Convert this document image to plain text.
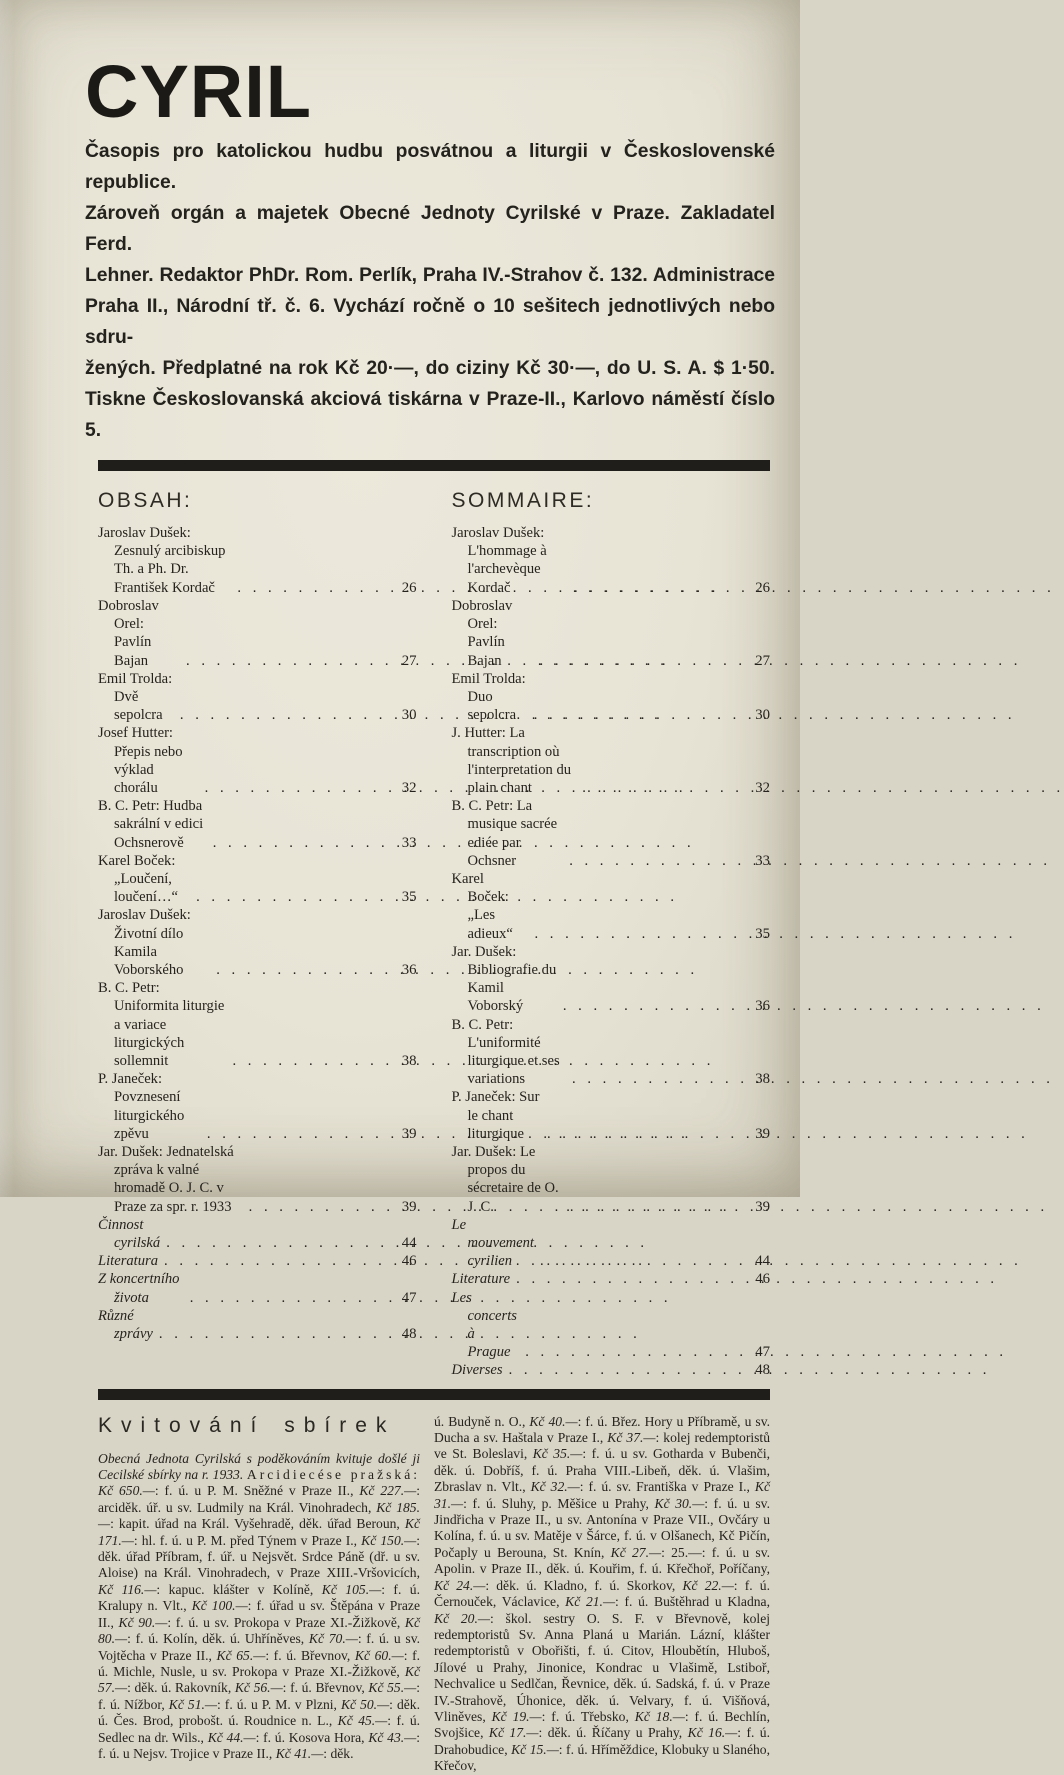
CYRIL
Časopis pro katolickou hudbu posvátnou a liturgii v Československé republice.
Zároveň orgán a majetek Obecné Jednoty Cyrilské v Praze. Zakladatel Ferd.
Lehner. Redaktor PhDr. Rom. Perlík, Praha IV.-Strahov č. 132. Administrace
Praha II., Národní tř. č. 6. Vychází ročně o 10 sešitech jednotlivých nebo sdru-
žených. Předplatné na rok Kč 20·—, do ciziny Kč 30·—, do U. S. A. $ 1·50.
Tiskne Českoslovanská akciová tiskárna v Praze-II., Karlovo náměstí číslo 5.
OBSAH:
Jaroslav Dušek: Zesnulý arcibiskup Th. a Ph. Dr. František Kordač . . .	26
Dobroslav Orel: Pavlín Bajan . . .	27
Emil Trolda: Dvě sepolcra . . .	30
Josef Hutter: Přepis nebo výklad chorálu . . .	32
B. C. Petr: Hudba sakrální v edici Ochsnerově . . .	33
Karel Boček: „Loučení, loučení…“ . . .	35
Jaroslav Dušek: Životní dílo Kamila Voborského . . .	36
B. C. Petr: Uniformita liturgie a variace liturgických sollemnit . . .	38
P. Janeček: Povznesení liturgického zpěvu . . .	39
Jar. Dušek: Jednatelská zpráva k valné hromadě O. J. C. v Praze za spr. r. 1933 . . .	39
Činnost cyrilská . . .	44
Literatura . . .	46
Z koncertního života . . .	47
Různé zprávy . . .	48
SOMMAIRE:
Jaroslav Dušek: L'hommage à l'archevèque Kordač . . .	26
Dobroslav Orel: Pavlín Bajan . . .	27
Emil Trolda: Duo sepolcra . . .	30
J. Hutter: La transcription où l'interpretation du plain chant . . .	32
B. C. Petr: La musique sacrée ediée par Ochsner . . .	33
Karel Boček: „Les adieux“ . . .	35
Jar. Dušek: Bibliografie du Kamil Voborský . . .	36
B. C. Petr: L'uniformité liturgique et ses variations . . .	38
P. Janeček: Sur le chant liturgique . . .	39
Jar. Dušek: Le propos du sécretaire de O. J. C. . . .	39
Le mouvement cyrilien . . .	44
Literature . . .	46
Les concerts à Prague . . .	47
Diverses . . .	48
Kvitování sbírek

Obecná Jednota Cyrilská s poděkováním kvituje došlé ji Cecilské sbírky na r. 1933. Arcidiecése pražská: Kč 650.—: f. ú. u P. M. Sněžné v Praze II., Kč 227.—: arciděk. úř. u sv. Ludmily na Král. Vinohradech, Kč 185.—: kapit. úřad na Král. Vyšehradě, děk. úřad Beroun, Kč 171.—: hl. f. ú. u P. M. před Týnem v Praze I., Kč 150.—: děk. úřad Příbram, f. úř. u Nejsvět. Srdce Páně (dř. u sv. Aloise) na Král. Vinohradech, v Praze XIII.-Vršovicích, Kč 116.—: kapuc. klášter v Kolíně, Kč 105.—: f. ú. Kralupy n. Vlt., Kč 100.—: f. úřad u sv. Štěpána v Praze II., Kč 90.—: f. ú. u sv. Prokopa v Praze XI.-Žižkově, Kč 80.—: f. ú. Kolín, děk. ú. Uhříněves, Kč 70.—: f. ú. u sv. Vojtěcha v Praze II., Kč 65.—: f. ú. Břevnov, Kč 60.—: f. ú. Michle, Nusle, u sv. Prokopa v Praze XI.-Žižkově, Kč 57.—: děk. ú. Rakovník, Kč 56.—: f. ú. Břevnov, Kč 55.—: f. ú. Nížbor, Kč 51.—: f. ú. u P. M. v Plzni, Kč 50.—: děk. ú. Čes. Brod, probošt. ú. Roudnice n. L., Kč 45.—: f. ú. Sedlec na dr. Wils., Kč 44.—: f. ú. Kosova Hora, Kč 43.—: f. ú. u Nejsv. Trojice v Praze II., Kč 41.—: děk.

ú. Budyně n. O., Kč 40.—: f. ú. Břez. Hory u Příbramě, u sv. Ducha a sv. Haštala v Praze I., Kč 37.—: kolej redemptoristů ve St. Boleslavi, Kč 35.—: f. ú. u sv. Gotharda v Bubenči, děk. ú. Dobříš, f. ú. Praha VIII.-Libeň, děk. ú. Vlašim, Zbraslav n. Vlt., Kč 32.—: f. ú. sv. Františka v Praze I., Kč 31.—: f. ú. Sluhy, p. Měšice u Prahy, Kč 30.—: f. ú. u sv. Jindřicha v Praze II., u sv. Antonína v Praze VII., Ovčáry u Kolína, f. ú. u sv. Matěje v Šárce, f. ú. v Olšanech, Kč Pičín, Počaply u Berouna, St. Knín, Kč 27.—: 25.—: f. ú. u sv. Apolin. v Praze II., děk. ú. Kouřim, f. ú. Křečhoř, Poříčany, Kč 24.—: děk. ú. Kladno, f. ú. Skorkov, Kč 22.—: f. ú. Černouček, Václavice, Kč 21.—: f. ú. Buštěhrad u Kladna, Kč 20.—: škol. sestry O. S. F. v Břevnově, kolej redemptoristů Sv. Anna Planá u Marián. Lázní, klášter redemptoristů v Obořišti, f. ú. Citov, Hloubětín, Hluboš, Jílové u Prahy, Jinonice, Kondrac u Vlašimě, Lstiboř, Nechvalice u Sedlčan, Řevnice, děk. ú. Sadská, f. ú. v Praze IV.-Strahově, Úhonice, děk. ú. Velvary, f. ú. Višňová, Vliněves, Kč 19.—: f. ú. Třebsko, Kč 18.—: f. ú. Bechlín, Svojšice, Kč 17.—: děk. ú. Říčany u Prahy, Kč 16.—: f. ú. Drahobudice, Kč 15.—: f. ú. Hříměždice, Klobuky u Slaného, Křečov,
